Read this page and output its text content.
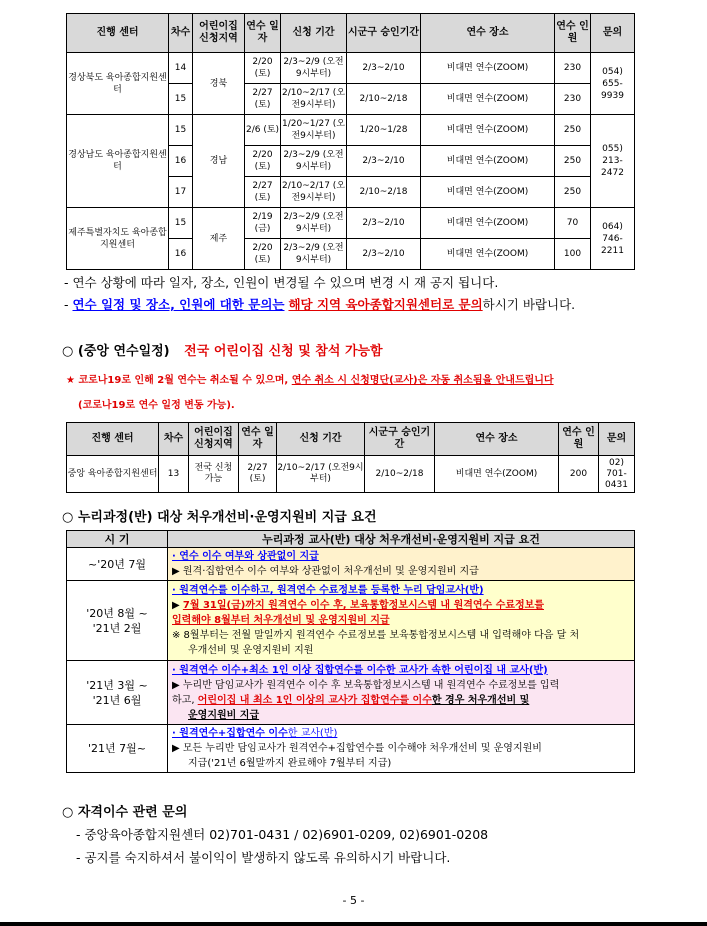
진행 센터	차수	어린이집 신청지역	연수 일자	신청 기간	시군구 승인기간	연수 장소	연수 인원	문의
경상북도 육아종합지원센터	14	경북	2/20 (토)	2/3~2/9 (오전9시부터)	2/3~2/10	비대면 연수(ZOOM)	230	054) 655-9939
	15		2/27 (토)	2/10~2/17 (오전9시부터)	2/10~2/18	비대면 연수(ZOOM)	230	
경상남도 육아종합지원센터	15	경남	2/6 (토)	1/20~1/27 (오전9시부터)	1/20~1/28	비대면 연수(ZOOM)	250	055) 213-2472
	16		2/20 (토)	2/3~2/9 (오전9시부터)	2/3~2/10	비대면 연수(ZOOM)	250	
	17		2/27 (토)	2/10~2/17 (오전9시부터)	2/10~2/18	비대면 연수(ZOOM)	250	
제주특별자치도 육아종합지원센터	15	제주	2/19 (금)	2/3~2/9 (오전9시부터)	2/3~2/10	비대면 연수(ZOOM)	70	064) 746-2211
	16		2/20 (토)	2/3~2/9 (오전9시부터)	2/3~2/10	비대면 연수(ZOOM)	100	
- 연수 상황에 따라 일자, 장소, 인원이 변경될 수 있으며 변경 시 재 공지 됩니다.
- 연수 일정 및 장소, 인원에 대한 문의는 해당 지역 육아종합지원센터로 문의하시기 바랍니다.
○ (중앙 연수일정) 전국 어린이집 신청 및 참석 가능함
★ 코로나19로 인해 2월 연수는 취소될 수 있으며, 연수 취소 시 신청명단(교사)은 자동 취소됨을 안내드립니다
(코로나19로 연수 일정 변동 가능).
진행 센터	차수	어린이집 신청지역	연수 일자	신청 기간	시군구 승인기간	연수 장소	연수 인원	문의
중앙 육아종합지원센터	13	전국 신청 가능	2/27 (토)	2/10~2/17 (오전9시부터)	2/10~2/18	비대면 연수(ZOOM)	200	02) 701- 0431
○ 누리과정(반) 대상 처우개선비·운영지원비 지급 요건
시 기	누리과정 교사(반) 대상 처우개선비·운영지원비 지급 요건
~'20년 7월	· 연수 이수 여부와 상관없이 지급
▶ 원격·집합연수 이수 여부와 상관없이 처우개선비 및 운영지원비 지급

'20년 8월 ~
'21년 2월	· 원격연수를 이수하고, 원격연수 수료정보를 등록한 누리 담임교사(반)
▶ 7월 31일(금)까지 원격연수 이수 후, 보육통합정보시스템 내 원격연수 수료정보를
입력해야 8월부터 처우개선비 및 운영지원비 지급
※ 8월부터는 전월 말일까지 원격연수 수료정보를 보육통합정보시스템 내 입력해야 다음 달 처
우개선비 및 운영지원비 지원

'21년 3월 ~
'21년 6월	· 원격연수 이수+최소 1인 이상 집합연수를 이수한 교사가 속한 어린이집 내 교사(반)
▶ 누리반 담임교사가 원격연수 이수 후 보육통합정보시스템 내 원격연수 수료정보를 입력
하고, 어린이집 내 최소 1인 이상의 교사가 집합연수를 이수한 경우 처우개선비 및
운영지원비 지급

'21년 7월~	· 원격연수+집합연수 이수한 교사(반)
▶ 모든 누리반 담임교사가 원격연수+집합연수를 이수해야 처우개선비 및 운영지원비
지급('21년 6월말까지 완료해야 7월부터 지급)
○ 자격이수 관련 문의
- 중앙육아종합지원센터 02)701-0431 / 02)6901-0209, 02)6901-0208
- 공지를 숙지하셔서 불이익이 발생하지 않도록 유의하시기 바랍니다.
- 5 -
